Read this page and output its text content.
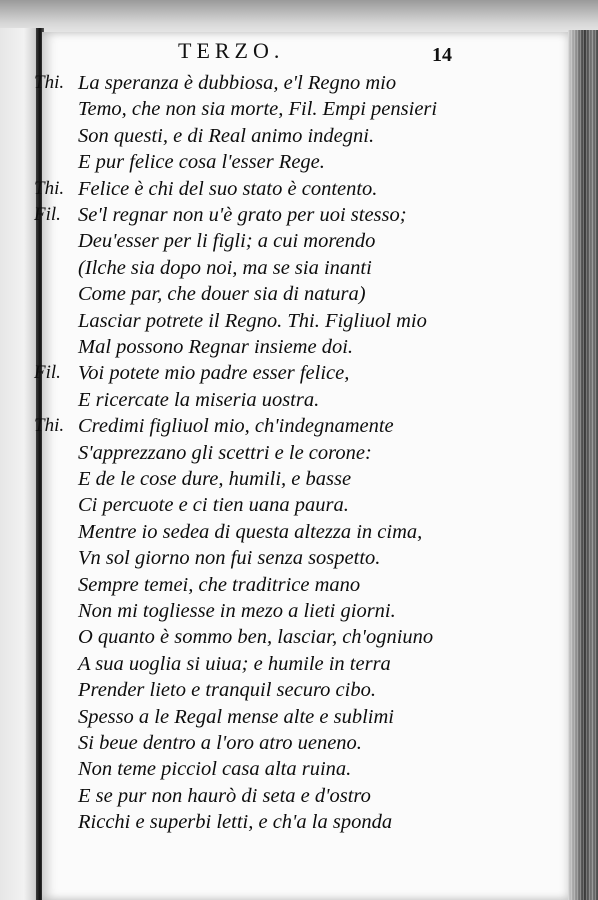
TERZO.	14
Thi. La speranza è dubbiosa, e'l Regno mio
Temo, che non sia morte, Fil. Empi pensieri
Son questi, e di Real animo indegni.
E pur felice cosa l'esser Rege.
Thi. Felice è chi del suo stato è contento.
Fil. Se'l regnar non u'è grato per uoi stesso;
Deu'esser per li figli; a cui morendo
(Ilche sia dopo noi, ma se sia inanti
Come par, che douer sia di natura)
Lasciar potrete il Regno. Thi. Figliuol mio
Mal possono Regnar insieme doi.
Fil. Voi potete mio padre esser felice,
E ricercate la miseria uostra.
Thi. Credimi figliuol mio, ch'indegnamente
S'apprezzano gli scettri e le corone:
E de le cose dure, humili, e basse
Ci percuote e ci tien uana paura.
Mentre io sedea di questa altezza in cima,
Vn sol giorno non fui senza sospetto.
Sempre temei, che traditrice mano
Non mi togliesse in mezo a lieti giorni.
O quanto è sommo ben, lasciar, ch'ogniuno
A sua uoglia si uiua; e humile in terra
Prender lieto e tranquil securo cibo.
Spesso a le Regal mense alte e sublimi
Si beue dentro a l'oro atro ueneno.
Non teme picciol casa alta ruina.
E se pur non haurò di seta e d'ostro
Ricchi e superbi letti, e ch'a la sponda
